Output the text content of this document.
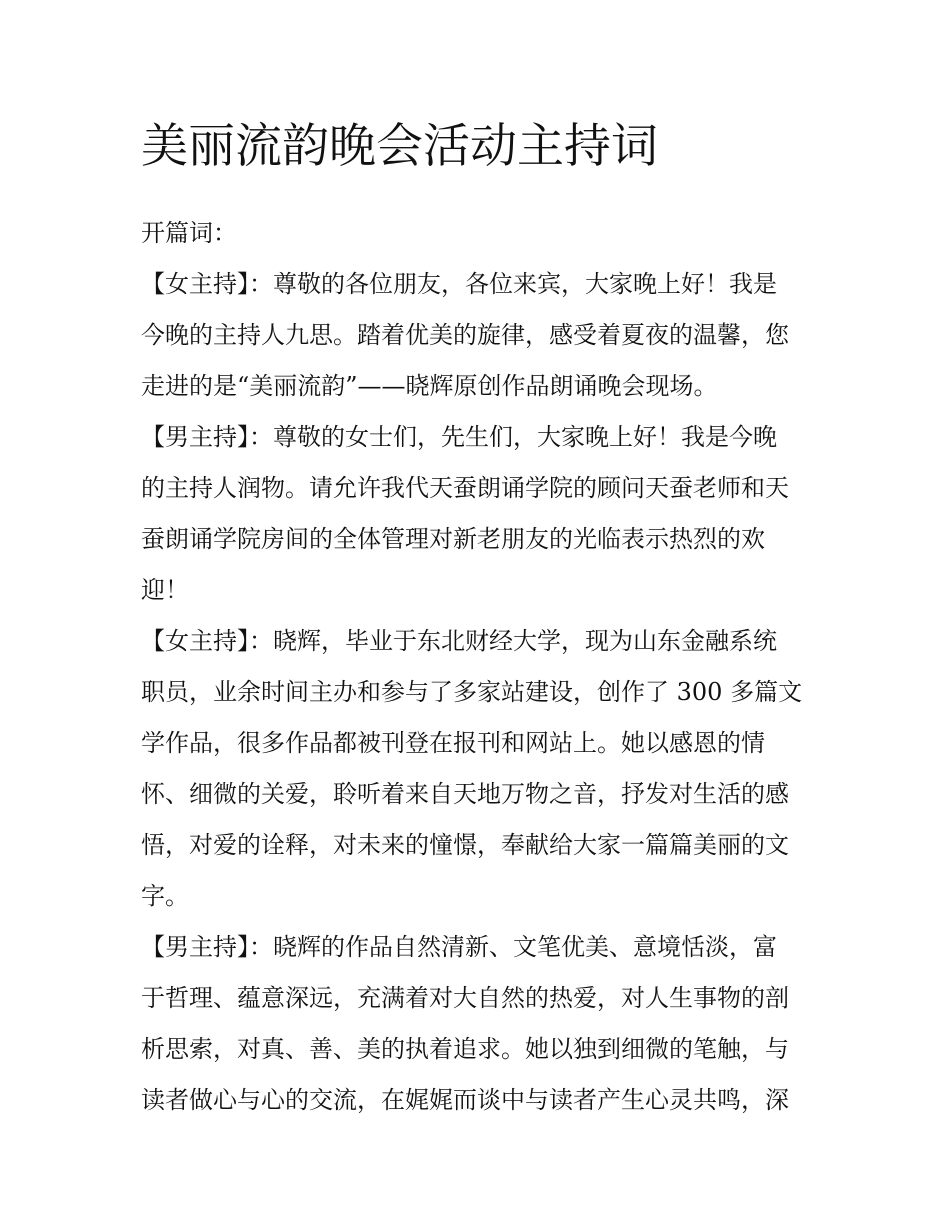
美丽流韵晚会活动主持词

开篇词：

【女主持】：尊敬的各位朋友，各位来宾，大家晚上好！我是

今晚的主持人九思。踏着优美的旋律，感受着夏夜的温馨，您

走进的是“美丽流韵”——晓辉原创作品朗诵晚会现场。

【男主持】：尊敬的女士们，先生们，大家晚上好！我是今晚

的主持人润物。请允许我代天蚕朗诵学院的顾问天蚕老师和天

蚕朗诵学院房间的全体管理对新老朋友的光临表示热烈的欢

迎！

【女主持】：晓辉，毕业于东北财经大学，现为山东金融系统

职员，业余时间主办和参与了多家站建设，创作了 300 多篇文

学作品，很多作品都被刊登在报刊和网站上。她以感恩的情

怀、细微的关爱，聆听着来自天地万物之音，抒发对生活的感

悟，对爱的诠释，对未来的憧憬，奉献给大家一篇篇美丽的文

字。

【男主持】：晓辉的作品自然清新、文笔优美、意境恬淡，富

于哲理、蕴意深远，充满着对大自然的热爱，对人生事物的剖

析思索，对真、善、美的执着追求。她以独到细微的笔触，与

读者做心与心的交流，在娓娓而谈中与读者产生心灵共鸣，深
